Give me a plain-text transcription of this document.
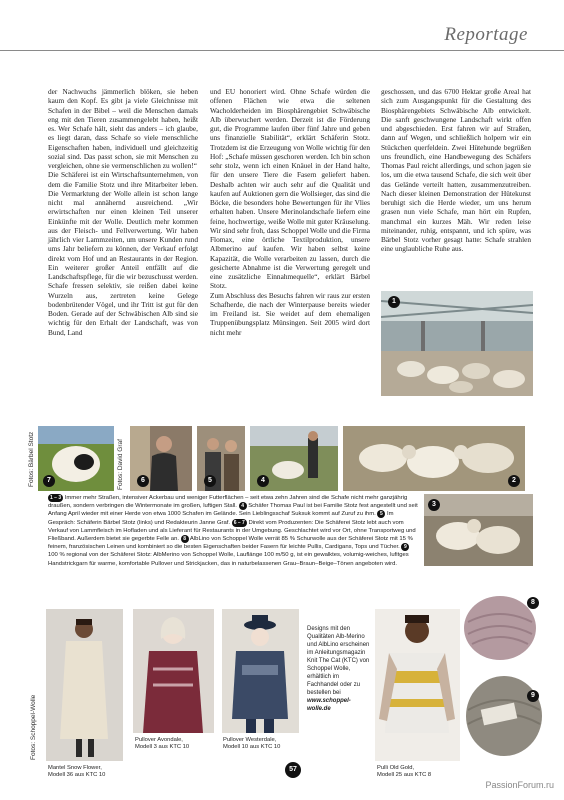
Reportage
der Nachwuchs jämmerlich blöken, sie heben kaum den Kopf. Es gibt ja viele Gleichnisse mit Schafen in der Bibel – weil die Menschen damals eng mit den Tieren zusammengelebt haben, heißt es. Wer Schafe hält, sieht das anders – ich glaube, es liegt daran, dass Schafe so viele menschliche Eigenschaften haben, individuell und gleichzeitig sozial sind. Das passt schon, sie mit Menschen zu vergleichen, ohne sie vermenschlichen zu wollen!“
Die Schäferei ist ein Wirtschaftsunternehmen, von dem die Familie Stotz und ihre Mitarbeiter leben. Die Vermarktung der Wolle allein ist schon lange nicht mal annähernd ausreichend. „Wir erwirtschaften nur einen kleinen Teil unserer Einkünfte mit der Wolle. Deutlich mehr kommen aus der Fleisch- und Fellverwertung. Wir haben jährlich vier Lammzeiten, um unsere Kunden rund ums Jahr beliefern zu können, der Verkauf erfolgt direkt vom Hof und an Restaurants in der Region. Ein weiterer großer Anteil entfällt auf die Landschaftspflege, für die wir bezuschusst werden. Schafe fressen selektiv, sie reißen dabei keine Wurzeln aus, zertreten keine Gelege bodenbrütender Vögel, und ihr Tritt ist gut für den Boden. Gerade auf der Schwäbischen Alb sind sie wichtig für den Erhalt der Landschaft, was von Bund, Land
und EU honoriert wird. Ohne Schafe würden die offenen Flächen wie etwa die seltenen Wacholderheiden im Biosphärengebiet Schwäbische Alb überwuchert werden. Derzeit ist die Förderung gut, die Programme laufen über fünf Jahre und geben uns finanzielle Stabilität“, erklärt Schäferin Stotz. Trotzdem ist die Erzeugung von Wolle wichtig für den Hof: „Schafe müssen geschoren werden. Ich bin schon sehr stolz, wenn ich einen Knäuel in der Hand halte, für den unsere Tiere die Fasern geliefert haben. Deshalb achten wir auch sehr auf die Qualität und kaufen auf Auktionen gern die Wollsieger, das sind die Böcke, die besonders hohe Bewertungen für ihr Vlies erhalten haben. Unsere Merinolandschafe liefern eine feine, hochwertige, weiße Wolle mit guter Kräuselung. Wir sind sehr froh, dass Schoppel Wolle und die Firma Flomax, eine örtliche Textilproduktion, unsere Albmerino auf kaufen. Wir haben selbst keine Kapazität, die Wolle verarbeiten zu lassen, durch die gesicherte Abnahme ist die Verwertung geregelt und eine zusätzliche Einnahmequelle“, erklärt Bärbel Stotz.
Zum Abschluss des Besuchs fahren wir raus zur ersten Schafherde, die nach der Winterpause bereits wieder im Freiland ist. Sie weidet auf dem ehemaligen Truppenübungsplatz Münsingen. Seit 2005 wird dort nicht mehr
geschossen, und das 6700 Hektar große Areal hat sich zum Ausgangspunkt für die Gestaltung des Biosphärengebiets Schwäbische Alb entwickelt. Die sanft geschwungene Landschaft wirkt offen und abgeschieden. Erst fahren wir auf Straßen, dann auf Wegen, und schließlich holpern wir ein Stückchen querfeldein. Zwei Hütehunde begrüßen uns freundlich, eine Handbewegung des Schäfers Thomas Paul reicht allerdings, und schon jagen sie los, um die etwa tausend Schafe, die sich weit über das Gelände verteilt hatten, zusammenzutreiben. Nach dieser kleinen Demonstration der Hütekunst beruhigt sich die Herde wieder, um uns herum grasen nun viele Schafe, man hört ein Rupfen, manchmal ein kurzes Mäh. Wir reden leise miteinander, ruhig, entspannt, und ich spüre, was Bärbel Stotz vorher gesagt hatte: Schafe strahlen eine unglaubliche Ruhe aus.
1
7	6	5	4	2
3
Fotos: Bärbel Stotz	Fotos: David Graf
Fotos: Schoppel-Wolle

1 – 3 Immer mehr Straßen, intensiver Ackerbau und weniger Futterflächen – seit etwa zehn Jahren sind die Schafe nicht mehr ganzjährig draußen, sondern verbringen die Wintermonate im großen, luftigen Stall. 4 Schäfer Thomas Paul ist bei Familie Stotz fest angestellt und seit Anfang April wieder mit einer Herde von etwa 1000 Schafen im Gelände. Sein Lieblingsschaf Suksuk kommt auf Zuruf zu ihm. 5 Im Gespräch: Schäferin Bärbel Stotz (links) und Redakteurin Janne Graf. 6 – 7 Direkt vom Produzenten: Die Schäferei Stotz lebt auch vom Verkauf von Lammfleisch im Hofladen und als Lieferant für Restaurants in der Umgebung. Geschlachtet wird vor Ort, ohne Transportweg und Fließband. Außerdem bietet sie gegerbte Felle an. 8 AlbLino von Schoppel Wolle verrät 85 % Schurwolle aus der Schäferei Stotz mit 15 % feinem, französischen Leinen und kombiniert so die besten Eigenschaften beider Fasern für leichte Pullis, Cardigans, Tops und Tücher. 9 100 % regional von der Schäferei Stotz: AlbMerino von Schoppel Wolle, Lauflänge 100 m/50 g, ist ein gewalktes, volumig-weiches, lufitges Handstrickgarn für warme, komfortable Pullover und Strickjacken, das in naturbelassenen Grau–Braun–Beige–Tönen angeboten wird.

Mantel Snow Flower,
Modell 36 aus KTC 10
Pullover Avondale,
Modell 3 aus KTC 10
Pullover Westerdale,
Modell 10 aus KTC 10
Designs mit den Qualitäten Alb-Merino und AlbLino erscheinen im Anleitungsmagazin Knit The Cat (KTC) von Schoppel Wolle, erhältlich im Fachhandel oder zu bestellen bei www.schoppel-wolle.de
Pulli Old Gold,
Modell 25 aus KTC 8
8
9
57
PassionForum.ru
